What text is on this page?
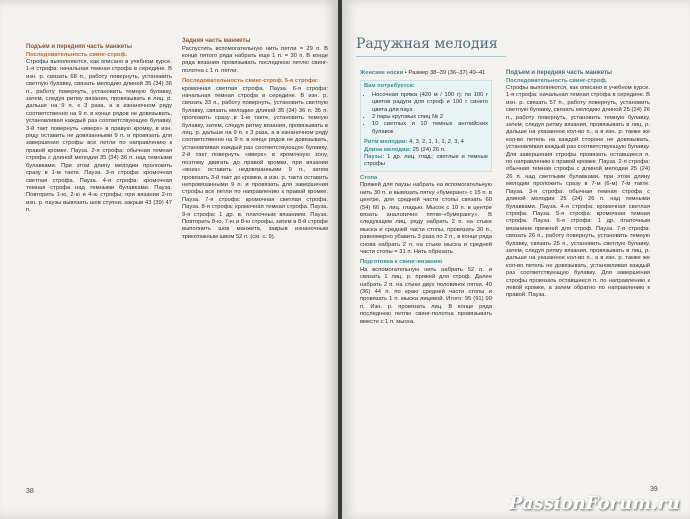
Подъем и передняя часть манжеты
Последовательность свинг-строф.

Строфы выполняются, как описано в учебном курсе. 1-я строфа: начальная темная строфа в середине. В изн. р. связать 68 п., работу повернуть, установить светлую булавку, связать мелодию длиной 35 (34) 36 п., работу повернуть, установить темную булавку, затем, следуя ритму вязания, провязывать в лиц. р. дальше на 9 п. х 3 раза, а в изнаночном ряду соответственно на 9 п. в конце рядов не довязывать, установливая каждый раз соответствующую булавку. 3-й такт повернуть «вверх» в правую кромку, в изн. ряду оставить не довязанными 9 п. и провязать для завершения строфы все петли по направлению к правой кромке. Пауза. 2-я строфа: обычная темная строфа с длиной мелодии 35 (34) 36 п. над темными булавками. При этом длину мелодии проложить сразу в 1-м такте. Пауза. 3-я строфа: кромочная светлая строфа. Пауза. 4-я строфа: кромочная темная строфа над темными булавками. Пауза. Повторить 1-ю, 2-ю и 4-ю строфы; при вязании 2-го изн. р. паузы вывязать шов ступни, закрыв 43 (39) 47 п.

Задняя часть манжеты

Распустить вспомогательную нить петли = 29 п. В конце пятого ряда набрать еще 1 п. = 30 п. В конце ряда вязания провязывать последнюю петлю свинг-полотна с 1 п. петли.

Последовательность свинг-строф. 5-я строфа:

кромочная светлая строфа. Пауза. 6-я строфа: начальная темная строфа в середине. В изн. р. связать 33 п., работу повернуть, установить светлую булавку, связать мелодию длиной 35 (34) 36 п. 35 п. проложить сразу в 1-м такте, установить темную булавку, затем, следуя ритму вязания, провязывать в лиц. р. дальше на 9 п. х 3 раза, а в изнаночном ряду соответственно на 9 п. в конце рядов не довязывать, установливая каждый раз соответствующую булавку. 2-й такт повернуть «вверх» в кромочную зону, поэтому двигать до правой кромки, при вязании «вниз» оставить недовязанными 9 п., затем провязать 3-й такт до кромки, в изн. р. такта оставить непровязанными 9 п. и провязать для завершения строфы все петли по направлению к правой кромке. Пауза. 7-я строфа: кромочная светлая строфа. Пауза. 8-я строфа: кромочная темная строфа. Пауза. 9-я строфа: 1 др. в. платочным вязанием. Пауза. Повторить 8-ю, 7-ю и 8-ю строфы, затем в 8-й строфе выполнить шов манжета, закрыв изнаночным трикотажным швом 52 п. (см. с. 9).

38
Радужная мелодия

Женские носки • Размер 38–39 (36–37) 40–41

Вам потребуется:
• Носочная пряжа (420 м / 100 г): по 100 г цветов радуги для строф и 100 г синего цвета для пауз
• 2 пары круговых спиц № 2
• 10 светлых и 10 темных английских булавок
Ритм мелодии: 4, 3, 2, 1, 1, 1, 2, 3, 4
Длина мелодии: 25 (24) 26 п.
Паузы: 1 др. лиц. глад.; светлые и темные строфы
Стопа

Пряжей для паузы набрать на вспомогательную нить 30 п. и вывязать пятку «бумеранг» с 15 п. в центре, для средней части стопы связать 60 (54) 66 р. лиц. гладью. Мысок с 10 п. в центре вязать аналогично пятке-«бумерангу». В следующем лиц. ряду набрать 2 п. на стыке мыска и средней части стопы, провязать 30 п., равномерно убавить 3 раза по 2 п., в конце ряда снова набрать 2 п. на стыке мыска и средней части стопы = 31 п. Нить обрезать.

Подготовка к свинг-вязанию

На вспомогательную нить набрать 52 п. и связать 1 лиц. р. пряжей для строф. Далее набрать 2 п. на стыке двух половинок пятки, 40 (36) 44 п. по краю средней части стопы и провязать 1 п. мыска лицевой. Итого: 95 (91) 99 п. Изн. р. провязать лиц. В конце ряда последнюю петлю свинг-полотна провязывать вместе с 1 п. мыска.

Подъем и передняя часть манжеты
Последовательность свинг-строф.

Строфы выполняются, как описано в учебном курсе. 1-я строфа: начальная темная строфа в середине. В изн. р. связать 57 п., работу повернуть, установить светлую булавку, связать мелодию длиной 25 (24) 26 п., работу повернуть, установить темную булавку, затем, следуя ритму вязания, провязывать в лиц. р. дальше на указанное кол-во п., а в изн. р. также же кол-во петель на каждой стороне не довязывать, установливая каждый раз соответствующую булавку. Для завершения строфы провязать оставшиеся п. по направлению к правой кромке. Пауза. 2-я строфа: обычная темная строфа с длиной мелодии 25 (24) 26 п. над светлыми булавками, при этом длину мелодии проложить сразу в 7-м (6-м) 7-м такте. Пауза. 3-я строфа: обычная темная строфа с длиной мелодии 25 (24) 26 п. над темными булавками. Пауза. 4-я строфа: кромочная светлая строфа. Пауза. 5-я строфа: кромочная темная строфа. Пауза. 6-я строфа: 1 др. платочным вязанием прежней для строф. Пауза. 7-я строфа: связать 26 п., работу повернуть, установить темную булавку, связать 25 п., установить светлую булавку, затем, следуя ритму вязания, провязывать в лиц. р. дальше на указанное кол-во п., а в изн. р. также же кол-во петель не довязывать, установливая каждый раз соответствующую булавку. Для завершения строфы провязать оставшиеся п. по направлению к левой кромке, а затем обратно по направлению к правой. Пауза.

39
PassionForum.ru
